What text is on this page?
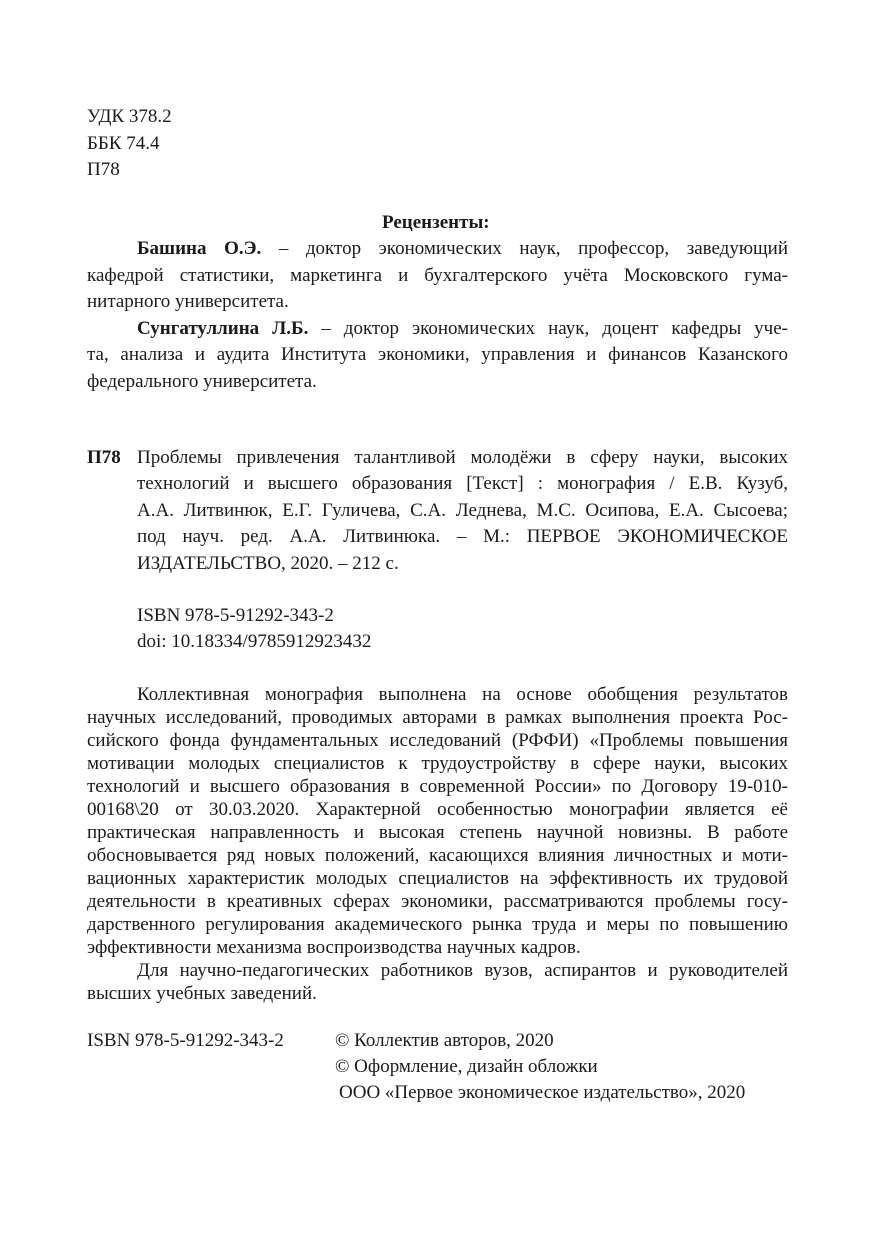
УДК 378.2

ББК 74.4

П78

Рецензенты:

Башина О.Э. – доктор экономических наук, профессор, заведующий

кафедрой статистики, маркетинга и бухгалтерского учёта Московского гума-

нитарного университета.

Сунгатуллина Л.Б. – доктор экономических наук, доцент кафедры уче-

та, анализа и аудита Института экономики, управления и финансов Казанского

федерального университета.

П78 Проблемы привлечения талантливой молодёжи в сферу науки, высоких

технологий и высшего образования [Текст] : монография / Е.В. Кузуб,

А.А. Литвинюк, Е.Г. Гуличева, С.А. Леднева, М.С. Осипова, Е.А. Сысоева;

под науч. ред. А.А. Литвинюка. – М.: ПЕРВОЕ ЭКОНОМИЧЕСКОЕ

ИЗДАТЕЛЬСТВО, 2020. – 212 с.

ISBN 978-5-91292-343-2

doi: 10.18334/9785912923432

Коллективная монография выполнена на основе обобщения результатов

научных исследований, проводимых авторами в рамках выполнения проекта Рос-

сийского фонда фундаментальных исследований (РФФИ) «Проблемы повышения

мотивации молодых специалистов к трудоустройству в сфере науки, высоких

технологий и высшего образования в современной России» по Договору 19-010-

00168\20 от 30.03.2020. Характерной особенностью монографии является её

практическая направленность и высокая степень научной новизны. В работе

обосновывается ряд новых положений, касающихся влияния личностных и моти-

вационных характеристик молодых специалистов на эффективность их трудовой

деятельности в креативных сферах экономики, рассматриваются проблемы госу-

дарственного регулирования академического рынка труда и меры по повышению

эффективности механизма воспроизводства научных кадров.

Для научно-педагогических работников вузов, аспирантов и руководителей

высших учебных заведений.

ISBN 978-5-91292-343-2	© Коллектив авторов, 2020

© Оформление, дизайн обложки

ООО «Первое экономическое издательство», 2020
